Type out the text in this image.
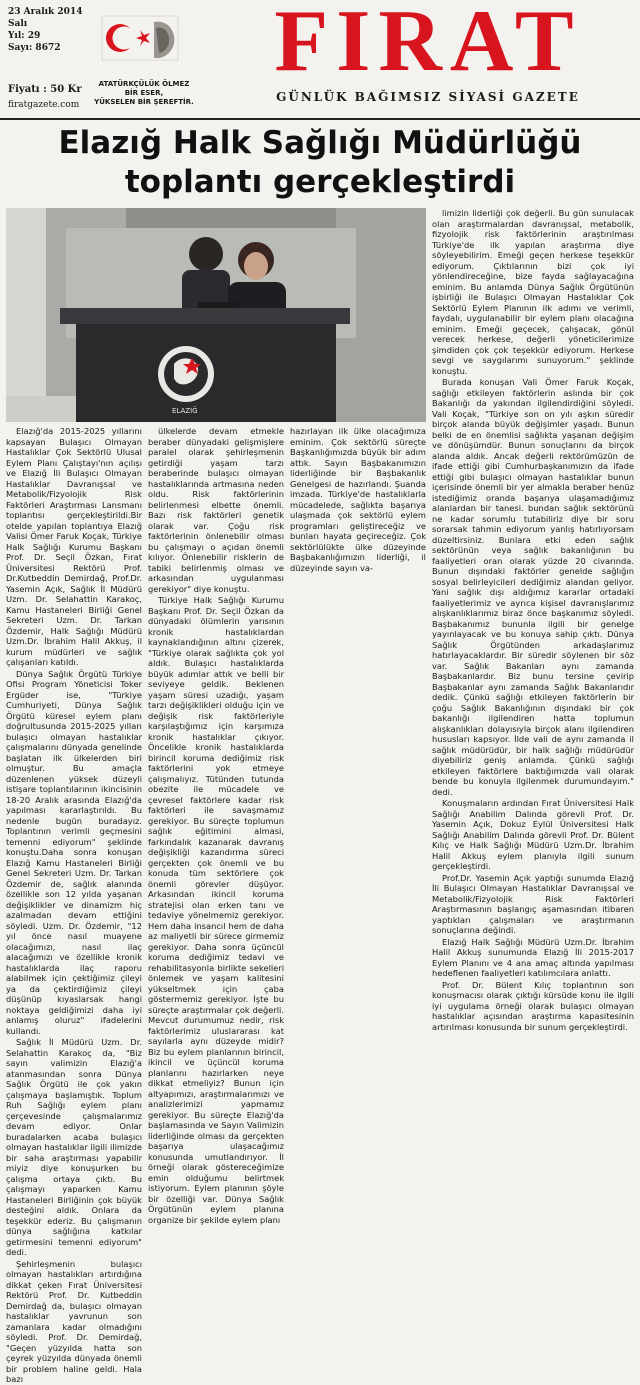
23 Aralık 2014
Salı
Yıl: 29
Sayı: 8672
Fiyatı : 50 Kr
firatgazete.com
ATATÜRKÇÜLÜK ÖLMEZ
BİR ESER,
YÜKSELEN BİR ŞEREFTİR.
FIRAT
GÜNLÜK BAĞIMSIZ SİYASİ GAZETE
Elazığ Halk Sağlığı Müdürlüğü
toplantı gerçekleştirdi
ELAZIĞ

Elazığ'da 2015-2025 yıllarını kapsayan Bulaşıcı Olmayan Hastalıklar Çok Sektörlü Ulusal Eylem Planı Çalıştayı'nın açılışı ve Elazığ İli Bulaşıcı Olmayan Hastalıklar Davranışsal ve Metabolik/Fizyolojik Risk Faktörleri Araştırması Lansmanı toplantısı gerçekleştirildi.Bir otelde yapılan toplantıya Elazığ Valisi Ömer Faruk Koçak, Türkiye Halk Sağlığı Kurumu Başkanı Prof. Dr. Seçil Özkan, Fırat Üniversitesi Rektörü Prof. Dr.Kutbeddin Demirdağ, Prof.Dr. Yasemin Açık, Sağlık İl Müdürü Uzm. Dr. Selahattin Karakoç, Kamu Hastaneleri Birliği Genel Sekreteri Uzm. Dr. Tarkan Özdemir, Halk Sağlığı Müdürü Uzm.Dr. İbrahim Halil Akkuş, il kurum müdürleri ve sağlık çalışanları katıldı.

Dünya Sağlık Örgütü Türkiye Ofisi Program Yöneticisi Toker Ergüder ise, "Türkiye Cumhuriyeti, Dünya Sağlık Örgütü küresel eylem planı doğrultusunda 2015-2025 yılları bulaşıcı olmayan hastalıklar çalışmalarını dünyada genelinde başlatan ilk ülkelerden biri olmuştur. Bu amaçla düzenlenen yüksek düzeyli istişare toplantılarının ikincisinin 18-20 Aralık arasında Elazığ'da yapılması kararlaştırıldı. Bu nedenle bugün buradayız. Toplantının verimli geçmesini temenni ediyorum" şeklinde konuştu.Daha sonra konuşan Elazığ Kamu Hastaneleri Birliği Genel Sekreteri Uzm. Dr. Tarkan Özdemir de, sağlık alanında özellikle son 12 yılda yaşanan değişiklikler ve dinamizm hiç azalmadan devam ettiğini söyledi. Uzm. Dr. Özdemir, "12 yıl önce nasıl muayene olacağımızı, nasıl ilaç alacağımızı ve özellikle kronik hastalıklarda ilaç raporu alabilmek için çektiğimiz çileyi ya da çektirdiğimiz çileyi düşünüp kıyaslarsak hangi noktaya geldiğimizi daha iyi anlamış oluruz" ifadelerini kullandı.

Sağlık İl Müdürü Uzm. Dr. Selahattin Karakoç da, "Biz sayın valimizin Elazığ'a atanmasından sonra Dünya Sağlık Örgütü ile çok yakın çalışmaya başlamıştık. Toplum Ruh Sağlığı eylem planı çerçevesinde çalışmalarımız devam ediyor. Onlar buradalarken acaba bulaşıcı olmayan hastalıklar ilgili ilimizde bir saha araştırması yapabilir miyiz diye konuşurken bu çalışma ortaya çıktı. Bu çalışmayı yaparken Kamu Hastaneleri Birliğinin çok büyük desteğini aldık. Onlara da teşekkür ederiz. Bu çalışmanın dünya sağlığına katkılar getirmesini temenni ediyorum" dedi.

Şehirleşmenin bulaşıcı olmayan hastalıkları artırdığına dikkat çeken Fırat Üniversitesi Rektörü Prof. Dr. Kutbeddin Demirdağ da, bulaşıcı olmayan hastalıklar yavrunun son zamanlara kadar olmadığını söyledi. Prof. Dr. Demirdağ, "Geçen yüzyılda hatta son çeyrek yüzyılda dünyada önemli bir problem haline geldi. Hala bazı

ülkelerde devam etmekle beraber dünyadaki gelişmişlere paralel olarak şehirleşmenin getirdiği yaşam tarzı beraberinde bulaşıcı olmayan hastalıklarında artmasına neden oldu. Risk faktörlerinin belirlenmesi elbette önemli. Bazı risk faktörleri genetik olarak var. Çoğu risk faktörlerinin önlenebilir olması bu çalışmayı o açıdan önemli kılıyor. Önlenebilir risklerin de tabiki belirlenmiş olması ve arkasından uygulanması gerekiyor" diye konuştu.

Türkiye Halk Sağlığı Kurumu Başkanı Prof. Dr. Seçil Özkan da dünyadaki ölümlerin yarısının kronik hastalıklardan kaynaklandığının altını çizerek, "Türkiye olarak sağlıkta çok yol aldık. Bulaşıcı hastalıklarda büyük adımlar attık ve belli bir seviyeye geldik. Beklenen yaşam süresi uzadığı, yaşam tarzı değişiklikleri olduğu için ve değişik risk faktörleriyle karşılaştığımız için karşımıza kronik hastalıklar çıkıyor. Öncelikle kronik hastalıklarda birincil koruma dediğimiz risk faktörlerini yok etmeye çalışmalıyız. Tütünden tutunda obezite ile mücadele ve çevresel faktörlere kadar risk faktörleri ile savaşmamız gerekiyor. Bu süreçte toplumun sağlık eğitimini almasi, farkındalık kazanarak davranış değişikliği kazandırma süreci gerçekten çok önemli ve bu konuda tüm sektörlere çok önemli görevler düşüyor. Arkasından ikincil koruma stratejisi olan erken tanı ve tedaviye yönelmemiz gerekiyor. Hem daha insancıl hem de daha az maliyetli bir sürece girmemiz gerekiyor. Daha sonra üçüncül koruma dediğimiz tedavi ve rehabilitasyonla birlikte sekelleri önlemek ve yaşam kalitesini yükseltmek için çaba göstermemiz gerekiyor. İşte bu süreçte araştırmalar çok değerli. Mevcut durumumuz nedir, risk faktörlerimiz uluslararası kat sayılarla aynı düzeyde midir? Biz bu eylem planlarının birincil, ikincil ve üçüncül koruma planlarını hazırlarken neye dikkat etmeliyiz? Bunun için altyapımızı, araştırmalarımızı ve analizlerimizi yapmamız gerekiyor. Bu süreçte Elazığ'da başlamasında ve Sayın Valimizin liderliğinde olması da gerçekten başarıya ulaşacağımız konusunda umutlandırıyor. İl örneği olarak göstereceğimize emin olduğumu belirtmek istiyorum. Eylem planının şöyle bir özelliği var. Dünya Sağlık Örgütünün eylem planına organize bir şekilde eylem planı

hazırlayan ilk ülke olacağımıza eminim. Çok sektörlü süreçte Başkanlığımızda büyük bir adım attık. Sayın Başbakanımızın liderliğinde bir Başbakanlık Genelgesi de hazırlandı. Şuanda imzada. Türkiye'de hastalıklarla mücadelede, sağlıkta başarıya ulaşmada çok sektörlü eylem programları geliştireceğiz ve bunları hayata geçireceğiz. Çok sektörlülükte ülke düzeyinde Başbakanlığımızın liderliği, il düzeyinde sayın va-

limizin liderliği çok değerli. Bu gün sunulacak olan araştırmalardan davranışsal, metabolik, fizyolojik risk faktörlerinin araştırılması Türkiye'de ilk yapılan araştırma diye söyleyebilirim. Emeği geçen herkese teşekkür ediyorum. Çıktılarının bizi çok iyi yönlendireceğine, bize fayda sağlayacağına eminim. Bu anlamda Dünya Sağlık Örgütünün işbirliği ile Bulaşıcı Olmayan Hastalıklar Çok Sektörlü Eylem Planının ilk adımı ve verimli, faydalı, uygulanabilir bir eylem planı olacağına eminim. Emeği geçecek, çalışacak, gönül verecek herkese, değerli yöneticilerimize şimdiden çok çok teşekkür ediyorum. Herkese sevgi ve saygılarımı sunuyorum." şeklinde konuştu.

Burada konuşan Vali Ömer Faruk Koçak, sağlığı etkileyen faktörlerin aslında bir çok Bakanlığı da yakından ilgilendirdiğini söyledi. Vali Koçak, "Türkiye son on yılı aşkın süredir birçok alanda büyük değişimler yaşadı. Bunun belki de en önemlisi sağlıkta yaşanan değişim ve dönüşümdür. Bunun sonuçlarını da birçok alanda aldık. Ancak değerli rektörümüzün de ifade ettiği gibi Cumhurbaşkanımızın da ifade ettiği gibi bulaşıcı olmayan hastalıklar bunun içerisinde önemli bir yer almakla beraber henüz istediğimiz oranda başarıya ulaşamadığımız alanlardan bir tanesi. bundan sağlık sektörünü ne kadar sorumlu tutabiliriz diye bir soru sorarsak tahmin ediyorum yanlış hatırlıyorsam düzeltirsiniz. Bunlara etki eden sağlık sektörünün veya sağlık bakanlığının bu faaliyetleri oran olarak yüzde 20 civarında. Bunun dışındaki faktörler genelde sağlığın sosyal belirleyicileri dediğimiz alandan geliyor. Yani sağlık dışı aldığımız kararlar ortadaki faaliyetlerimiz ve ayrıca kişisel davranışlarımız alışkanlıklarımız biraz önce başkanımız söyledi. Başbakanımız bununla ilgili bir genelge yayınlayacak ve bu konuya sahip çıktı. Dünya Sağlık Örgütünden arkadaşlarımız hatırlayacaklardır. Bir süredir söylenen bir söz var. Sağlık Bakanları aynı zamanda Başbakanlardır. Biz bunu tersine çevirip Başbakanlar aynı zamanda Sağlık Bakanlarıdır dedik. Çünkü sağlığı etkileyen faktörlerin bir çoğu Sağlık Bakanlığının dışındaki bir çok bakanlığı ilgilendiren hatta toplumun alışkanlıkları dolayısıyla birçok alanı ilgilendiren hususları kapsıyor. İlde vali de aynı zamanda il sağlık müdürüdür, bir halk sağlığı müdürüdür diyebiliriz geniş anlamda. Çünkü sağlığı etkileyen faktörlere baktığımızda vali olarak bende bu konuyla ilgilenmek durumundayım." dedi.

Konuşmaların ardından Fırat Üniversitesi Halk Sağlığı Anabilim Dalında görevli Prof. Dr. Yasemin Açık, Dokuz Eylül Üniversitesi Halk Sağlığı Anabilim Dalında görevli Prof. Dr. Bülent Kılıç ve Halk Sağlığı Müdürü Uzm.Dr. İbrahim Halil Akkuş eylem planıyla ilgili sunum gerçekleştirdi.

Prof.Dr. Yasemin Açık yaptığı sunumda Elazığ İli Bulaşıcı Olmayan Hastalıklar Davranışsal ve Metabolik/Fizyolojik Risk Faktörleri Araştırmasının başlangıç aşamasından itibaren yaptıkları çalışmaları ve araştırmanın sonuçlarına değindi.

Elazığ Halk Sağlığı Müdürü Uzm.Dr. İbrahim Halil Akkuş sunumunda Elazığ İli 2015-2017 Eylem Planını ve 4 ana amaç altında yapılması hedeflenen faaliyetleri katılımcılara anlattı.

Prof. Dr. Bülent Kılıç toplantının son konuşmacısı olarak çıktığı kürsüde konu ile ilgili iyi uygulama örneği olarak bulaşıcı olmayan hastalıklar açısından araştırma kapasitesinin artırılması konusunda bir sunum gerçekleştirdi.
